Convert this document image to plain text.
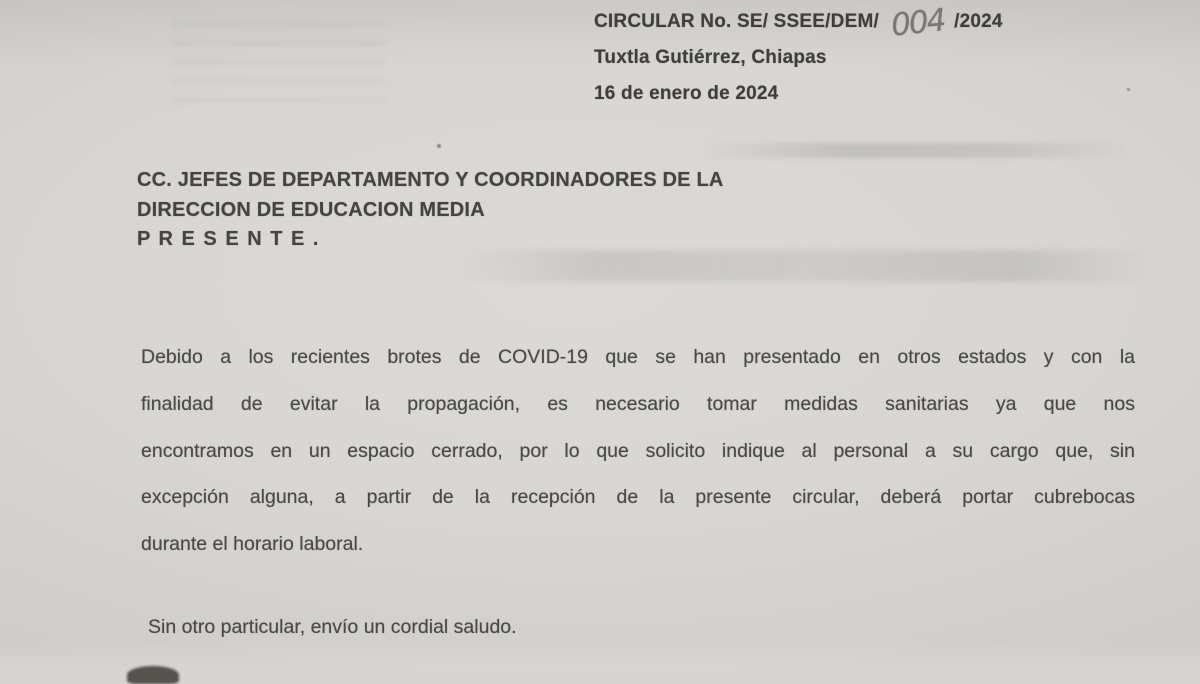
CIRCULAR No. SE/ SSEE/DEM/ 004 /2024
Tuxtla Gutiérrez, Chiapas
16 de enero de 2024
CC. JEFES DE DEPARTAMENTO Y COORDINADORES DE LA
DIRECCION DE EDUCACION MEDIA
P R E S E N T E .
Debido a los recientes brotes de COVID-19 que se han presentado en otros estados y con la
finalidad de evitar la propagación, es necesario tomar medidas sanitarias ya que nos
encontramos en un espacio cerrado, por lo que solicito indique al personal a su cargo que, sin
excepción alguna, a partir de la recepción de la presente circular, deberá portar cubrebocas
durante el horario laboral.
Sin otro particular, envío un cordial saludo.
